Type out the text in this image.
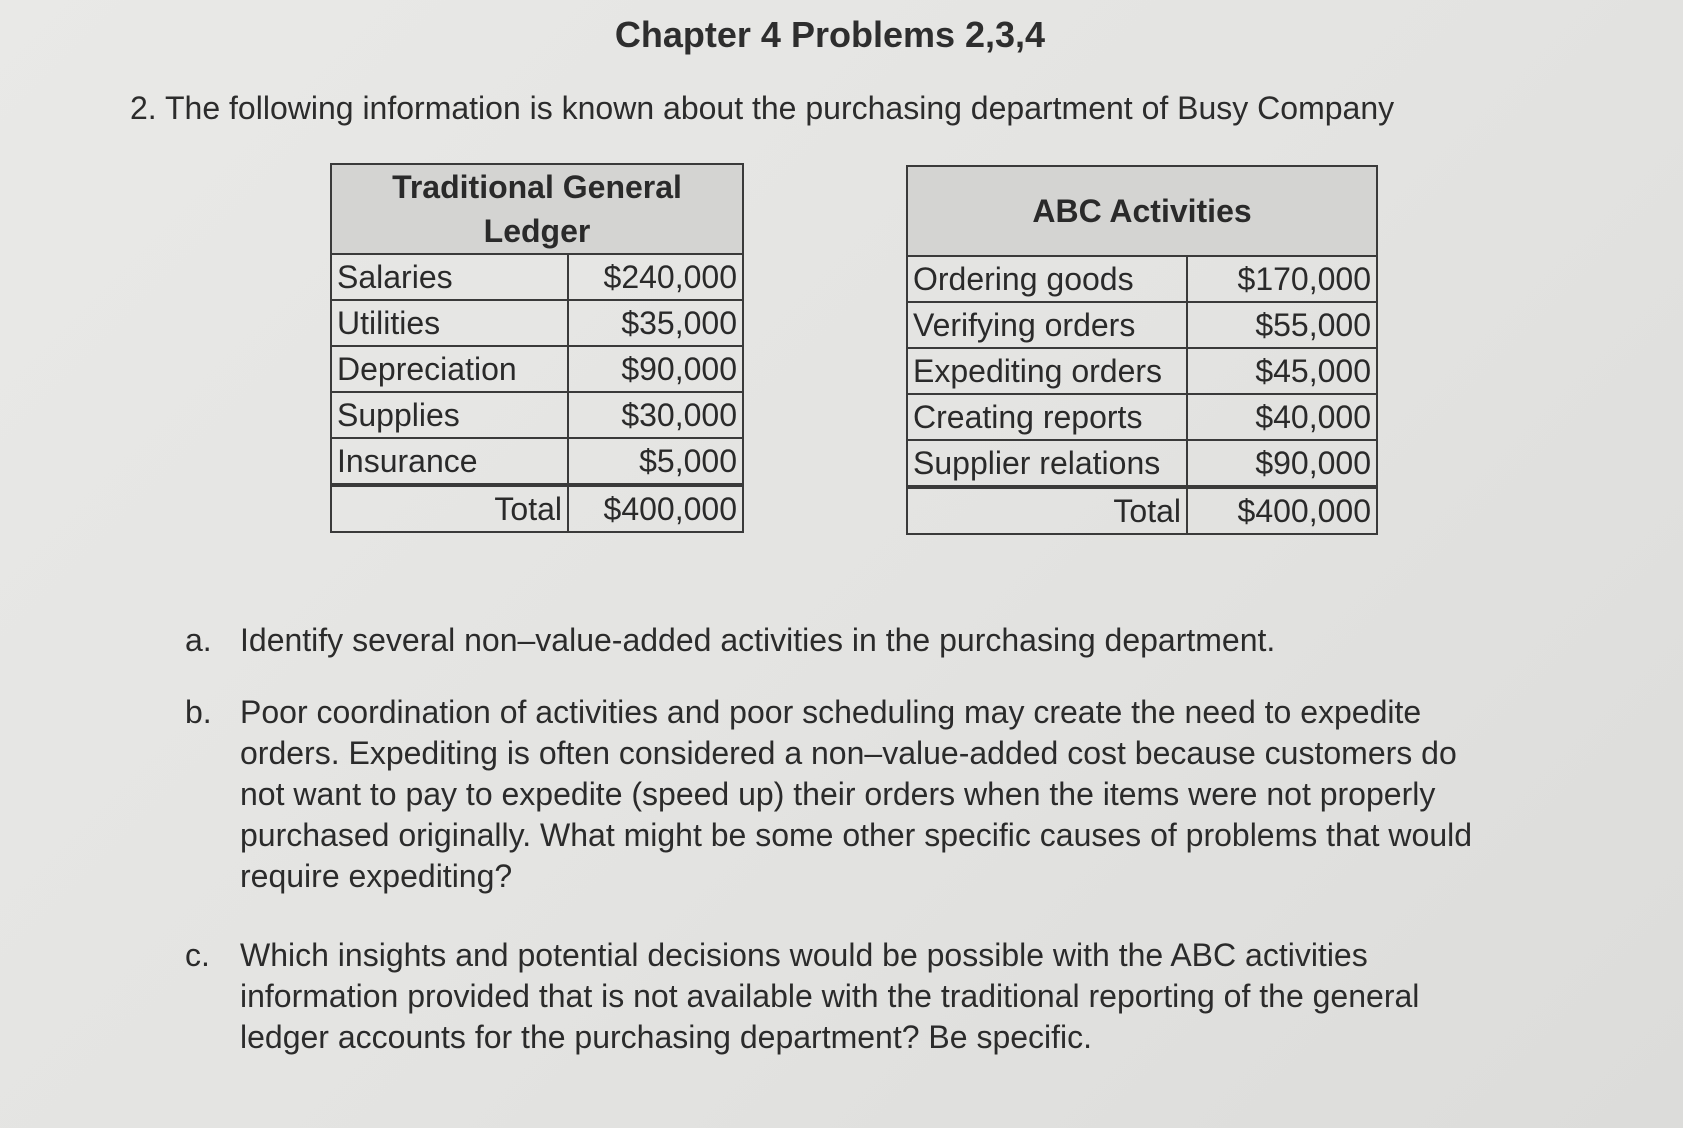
Chapter 4 Problems 2,3,4
2. The following information is known about the purchasing department of Busy Company
Traditional General Ledger	
Salaries	$240,000
Utilities	$35,000
Depreciation	$90,000
Supplies	$30,000
Insurance	$5,000
Total	$400,000
ABC Activities	
Ordering goods	$170,000
Verifying orders	$55,000
Expediting orders	$45,000
Creating reports	$40,000
Supplier relations	$90,000
Total	$400,000
a. Identify several non–value-added activities in the purchasing department.
b. Poor coordination of activities and poor scheduling may create the need to expedite orders. Expediting is often considered a non–value-added cost because customers do not want to pay to expedite (speed up) their orders when the items were not properly purchased originally. What might be some other specific causes of problems that would require expediting?
c. Which insights and potential decisions would be possible with the ABC activities information provided that is not available with the traditional reporting of the general ledger accounts for the purchasing department? Be specific.
